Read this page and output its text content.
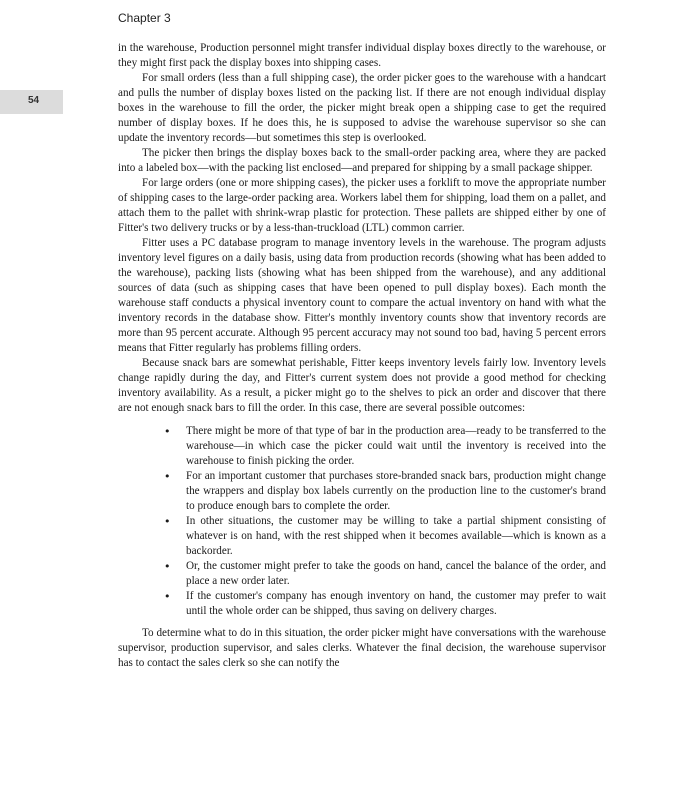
Chapter 3
54

in the warehouse, Production personnel might transfer individual display boxes directly to the warehouse, or they might first pack the display boxes into shipping cases.

For small orders (less than a full shipping case), the order picker goes to the warehouse with a handcart and pulls the number of display boxes listed on the packing list. If there are not enough individual display boxes in the warehouse to fill the order, the picker might break open a shipping case to get the required number of display boxes. If he does this, he is supposed to advise the warehouse supervisor so she can update the inventory records—but sometimes this step is overlooked.

The picker then brings the display boxes back to the small-order packing area, where they are packed into a labeled box—with the packing list enclosed—and prepared for shipping by a small package shipper.

For large orders (one or more shipping cases), the picker uses a forklift to move the appropriate number of shipping cases to the large-order packing area. Workers label them for shipping, load them on a pallet, and attach them to the pallet with shrink-wrap plastic for protection. These pallets are shipped either by one of Fitter's two delivery trucks or by a less-than-truckload (LTL) common carrier.

Fitter uses a PC database program to manage inventory levels in the warehouse. The program adjusts inventory level figures on a daily basis, using data from production records (showing what has been added to the warehouse), packing lists (showing what has been shipped from the warehouse), and any additional sources of data (such as shipping cases that have been opened to pull display boxes). Each month the warehouse staff conducts a physical inventory count to compare the actual inventory on hand with what the inventory records in the database show. Fitter's monthly inventory counts show that inventory records are more than 95 percent accurate. Although 95 percent accuracy may not sound too bad, having 5 percent errors means that Fitter regularly has problems filling orders.

Because snack bars are somewhat perishable, Fitter keeps inventory levels fairly low. Inventory levels change rapidly during the day, and Fitter's current system does not provide a good method for checking inventory availability. As a result, a picker might go to the shelves to pick an order and discover that there are not enough snack bars to fill the order. In this case, there are several possible outcomes:

• There might be more of that type of bar in the production area—ready to be transferred to the warehouse—in which case the picker could wait until the inventory is received into the warehouse to finish picking the order.
• For an important customer that purchases store-branded snack bars, production might change the wrappers and display box labels currently on the production line to the customer's brand to produce enough bars to complete the order.
• In other situations, the customer may be willing to take a partial shipment consisting of whatever is on hand, with the rest shipped when it becomes available—which is known as a backorder.
• Or, the customer might prefer to take the goods on hand, cancel the balance of the order, and place a new order later.
• If the customer's company has enough inventory on hand, the customer may prefer to wait until the whole order can be shipped, thus saving on delivery charges.

To determine what to do in this situation, the order picker might have conversations with the warehouse supervisor, production supervisor, and sales clerks. Whatever the final decision, the warehouse supervisor has to contact the sales clerk so she can notify the
